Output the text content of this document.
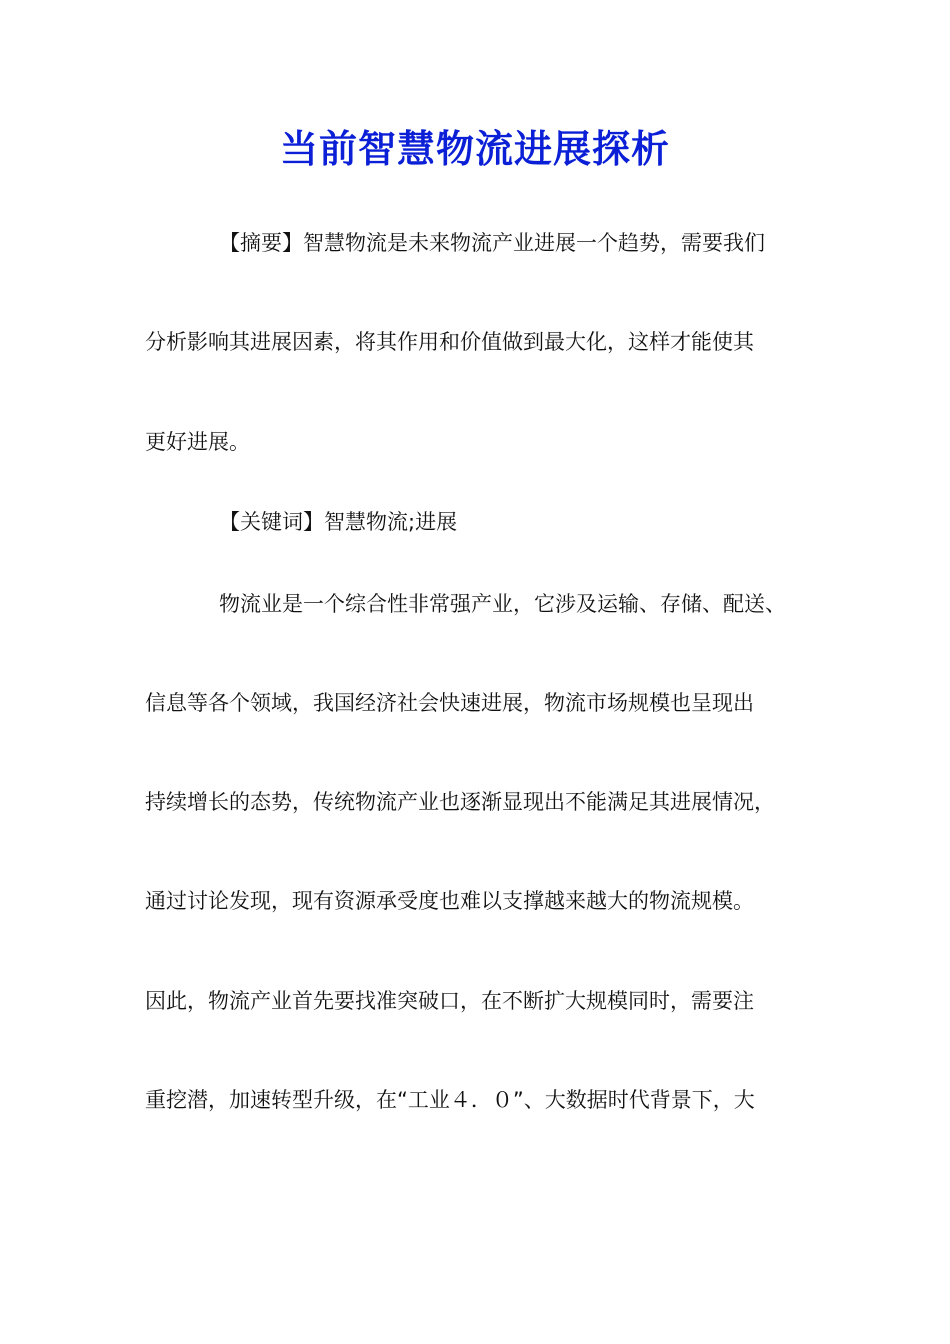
当前智慧物流进展探析
【摘要】智慧物流是未来物流产业进展一个趋势，需要我们
分析影响其进展因素，将其作用和价值做到最大化，这样才能使其
更好进展。
【关键词】智慧物流;进展
物流业是一个综合性非常强产业，它涉及运输、存储、配送、
信息等各个领域，我国经济社会快速进展，物流市场规模也呈现出
持续增长的态势，传统物流产业也逐渐显现出不能满足其进展情况，
通过讨论发现，现有资源承受度也难以支撑越来越大的物流规模。
因此，物流产业首先要找准突破口，在不断扩大规模同时，需要注
重挖潜，加速转型升级，在“工业４．０”、大数据时代背景下，大
